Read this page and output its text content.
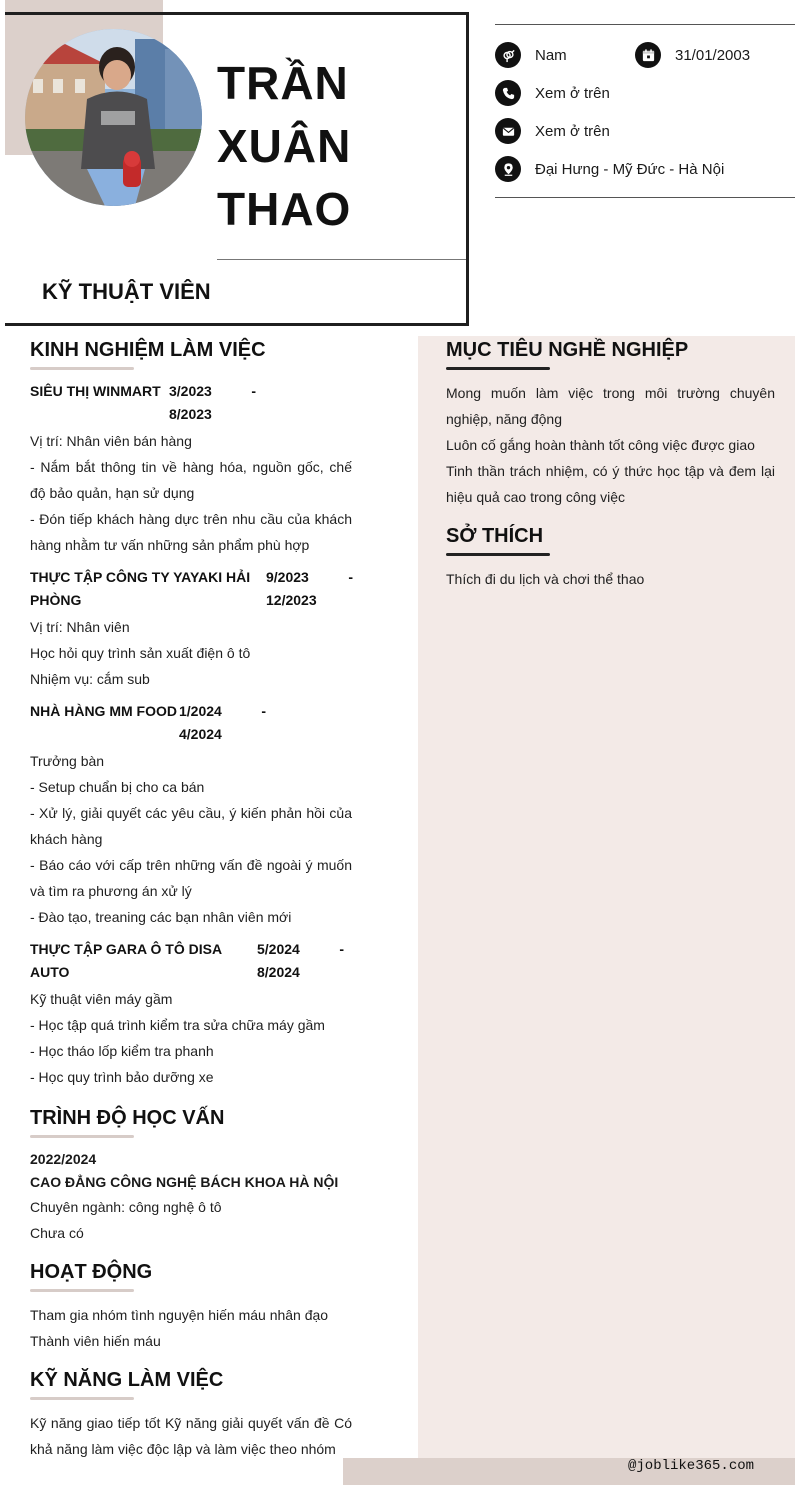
TRẦN
XUÂN
THAO
KỸ THUẬT VIÊN
Nam	31/01/2003
Xem ở trên
Xem ở trên
Đại Hưng - Mỹ Đức - Hà Nội
KINH NGHIỆM LÀM VIỆC
SIÊU THỊ WINMART 3/2023
8/2023
-
Vị trí: Nhân viên bán hàng
- Nắm bắt thông tin về hàng hóa, nguồn gốc, chế độ bảo quản, hạn sử dụng
- Đón tiếp khách hàng dực trên nhu cầu của khách hàng nhằm tư vấn những sản phẩm phù hợp
THỰC TẬP CÔNG TY YAYAKI HẢI PHÒNG
9/2023
12/2023
-
Vị trí: Nhân viên
Học hỏi quy trình sản xuất điện ô tô
Nhiệm vụ: cắm sub
NHÀ HÀNG MM FOOD 1/2024
4/2024
-
Trưởng bàn
- Setup chuẩn bị cho ca bán
- Xử lý, giải quyết các yêu cầu, ý kiến phản hồi của khách hàng
- Báo cáo với cấp trên những vấn đề ngoài ý muốn và tìm ra phương án xử lý
- Đào tạo, treaning các bạn nhân viên mới
THỰC TẬP GARA Ô TÔ DISA AUTO
5/2024
8/2024
-
Kỹ thuật viên máy gầm
- Học tập quá trình kiểm tra sửa chữa máy gầm
- Học tháo lốp kiểm tra phanh
- Học quy trình bảo dưỡng xe
TRÌNH ĐỘ HỌC VẤN
2022/2024
CAO ĐẲNG CÔNG NGHỆ BÁCH KHOA HÀ NỘI
Chuyên ngành: công nghệ ô tô
Chưa có
HOẠT ĐỘNG
Tham gia nhóm tình nguyện hiến máu nhân đạo
Thành viên hiến máu
KỸ NĂNG LÀM VIỆC
Kỹ năng giao tiếp tốt Kỹ năng giải quyết vấn đề Có khả năng làm việc độc lập và làm việc theo nhóm
MỤC TIÊU NGHỀ NGHIỆP
Mong muốn làm việc trong môi trường chuyên nghiệp, năng động
Luôn cố gắng hoàn thành tốt công việc được giao
Tinh thần trách nhiệm, có ý thức học tập và đem lại hiệu quả cao trong công việc
SỞ THÍCH
Thích đi du lịch và chơi thể thao
@joblike365.com
